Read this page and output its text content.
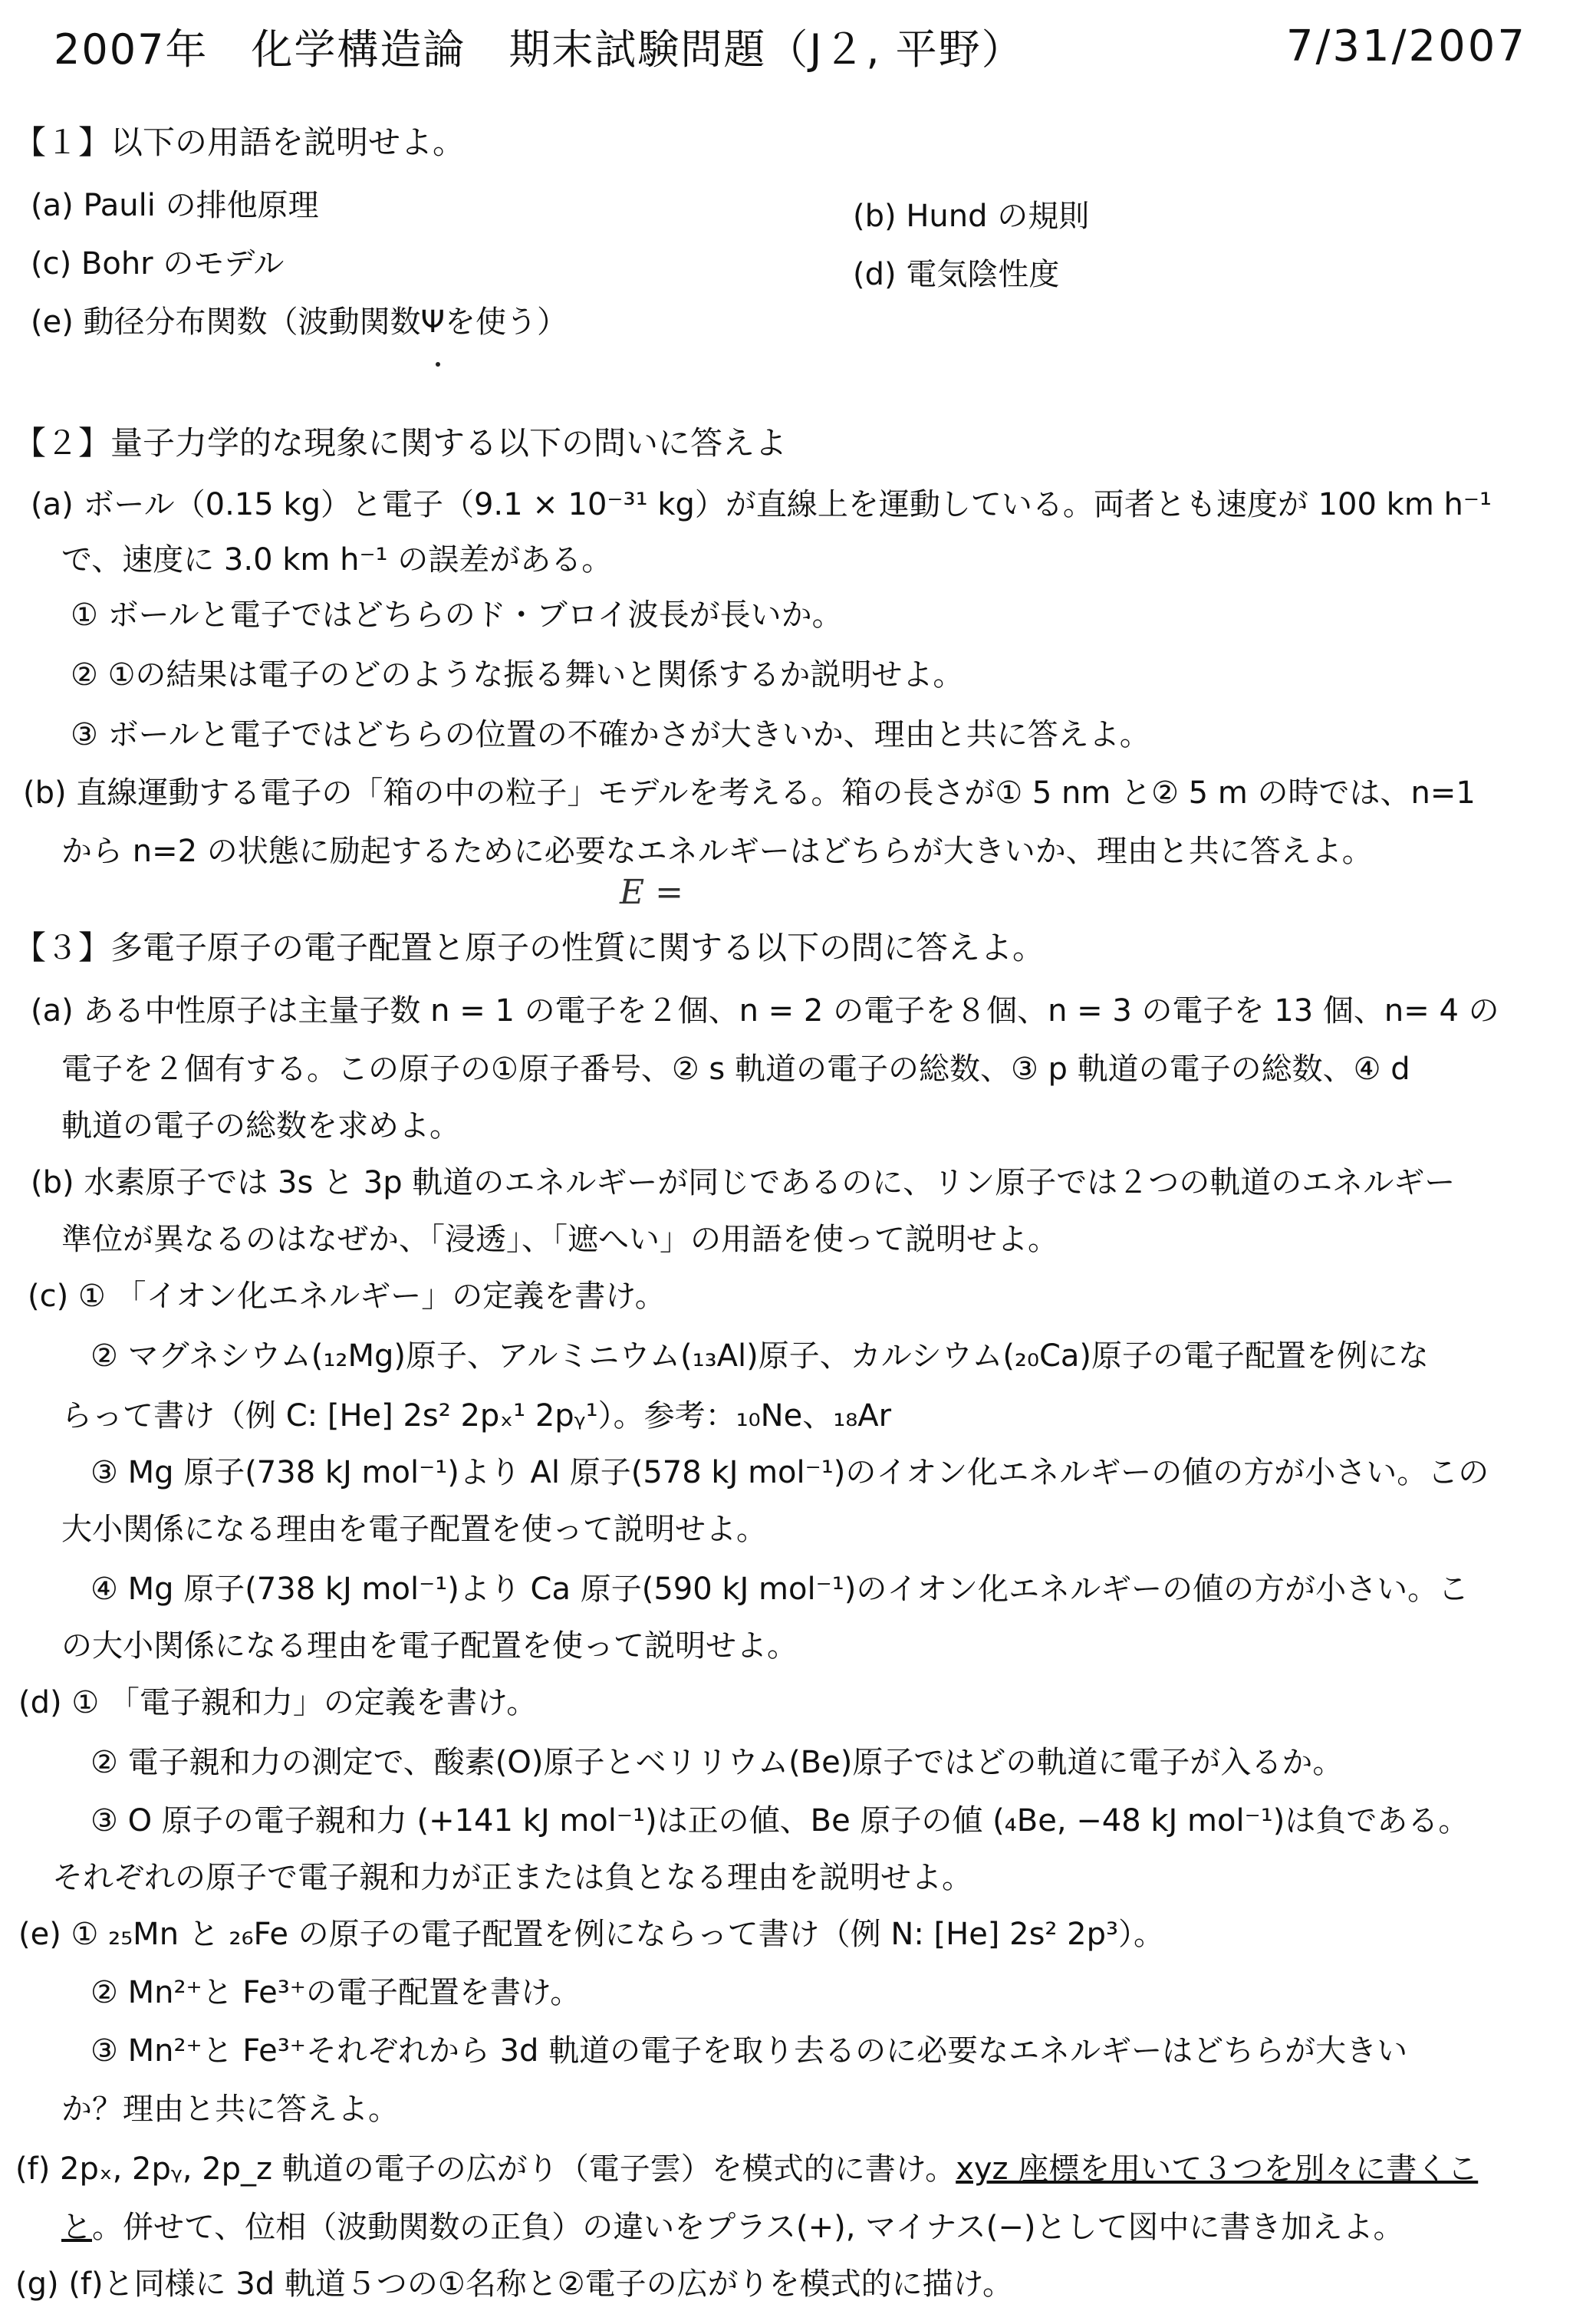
2007年　化学構造論　期末試験問題（J２, 平野）	7/31/2007
【１】以下の用語を説明せよ。
(a) Pauli の排他原理	(b) Hund の規則
(c) Bohr のモデル	(d) 電気陰性度
(e) 動径分布関数（波動関数Ψを使う）
【２】量子力学的な現象に関する以下の問いに答えよ
(a) ボール（0.15 kg）と電子（9.1 × 10⁻³¹ kg）が直線上を運動している。両者とも速度が 100 km h⁻¹
で、速度に 3.0 km h⁻¹ の誤差がある。
① ボールと電子ではどちらのド・ブロイ波長が長いか。
② ①の結果は電子のどのような振る舞いと関係するか説明せよ。
③ ボールと電子ではどちらの位置の不確かさが大きいか、理由と共に答えよ。
(b) 直線運動する電子の「箱の中の粒子」モデルを考える。箱の長さが① 5 nm と② 5 m の時では、n=1
から n=2 の状態に励起するために必要なエネルギーはどちらが大きいか、理由と共に答えよ。
E =
【３】多電子原子の電子配置と原子の性質に関する以下の問に答えよ。
(a) ある中性原子は主量子数 n = 1 の電子を２個、n = 2 の電子を８個、n = 3 の電子を 13 個、n= 4 の
電子を２個有する。この原子の①原子番号、② s 軌道の電子の総数、③ p 軌道の電子の総数、④ d
軌道の電子の総数を求めよ。
(b) 水素原子では 3s と 3p 軌道のエネルギーが同じであるのに、リン原子では２つの軌道のエネルギー
準位が異なるのはなぜか、「浸透」、「遮へい」の用語を使って説明せよ。
(c) ① 「イオン化エネルギー」の定義を書け。
② マグネシウム(₁₂Mg)原子、アルミニウム(₁₃Al)原子、カルシウム(₂₀Ca)原子の電子配置を例にな
らって書け（例 C: [He] 2s² 2pₓ¹ 2pᵧ¹）。参考：₁₀Ne、₁₈Ar
③ Mg 原子(738 kJ mol⁻¹)より Al 原子(578 kJ mol⁻¹)のイオン化エネルギーの値の方が小さい。この
大小関係になる理由を電子配置を使って説明せよ。
④ Mg 原子(738 kJ mol⁻¹)より Ca 原子(590 kJ mol⁻¹)のイオン化エネルギーの値の方が小さい。こ
の大小関係になる理由を電子配置を使って説明せよ。
(d) ① 「電子親和力」の定義を書け。
② 電子親和力の測定で、酸素(O)原子とベリリウム(Be)原子ではどの軌道に電子が入るか。
③ O 原子の電子親和力 (+141 kJ mol⁻¹)は正の値、Be 原子の値 (₄Be, −48 kJ mol⁻¹)は負である。
それぞれの原子で電子親和力が正または負となる理由を説明せよ。
(e) ① ₂₅Mn と ₂₆Fe の原子の電子配置を例にならって書け（例 N: [He] 2s² 2p³）。
② Mn²⁺と Fe³⁺の電子配置を書け。
③ Mn²⁺と Fe³⁺それぞれから 3d 軌道の電子を取り去るのに必要なエネルギーはどちらが大きい
か？理由と共に答えよ。
(f) 2pₓ, 2pᵧ, 2p_z 軌道の電子の広がり（電子雲）を模式的に書け。xyz 座標を用いて３つを別々に書くこ
と。併せて、位相（波動関数の正負）の違いをプラス(+), マイナス(−)として図中に書き加えよ。
(g) (f)と同様に 3d 軌道５つの①名称と②電子の広がりを模式的に描け。
